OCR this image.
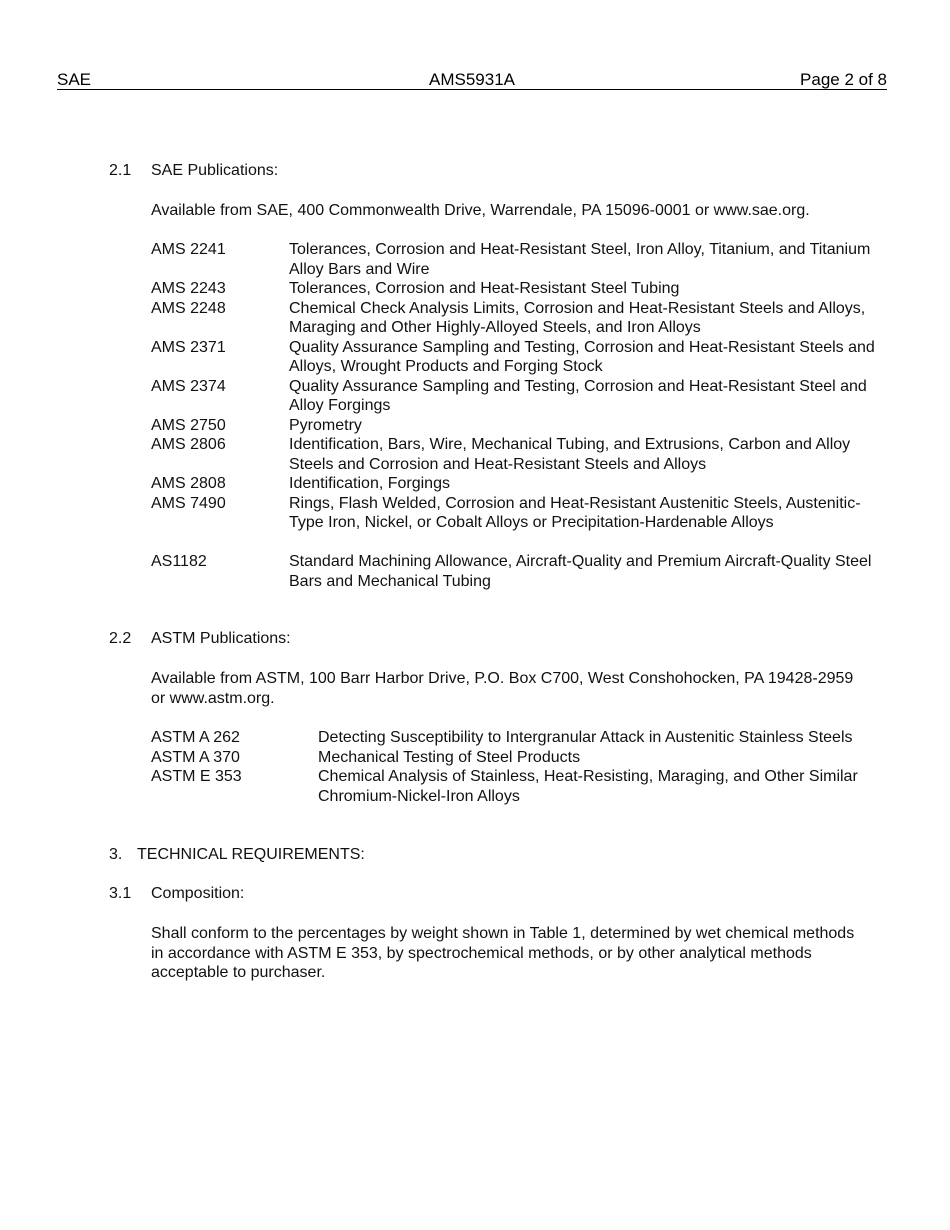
SAE	AMS5931A	Page 2 of 8
2.1 SAE Publications:
Available from SAE, 400 Commonwealth Drive, Warrendale, PA 15096-0001 or www.sae.org.
AMS 2241	Tolerances, Corrosion and Heat-Resistant Steel, Iron Alloy, Titanium, and Titanium Alloy Bars and Wire
AMS 2243	Tolerances, Corrosion and Heat-Resistant Steel Tubing
AMS 2248	Chemical Check Analysis Limits, Corrosion and Heat-Resistant Steels and Alloys, Maraging and Other Highly-Alloyed Steels, and Iron Alloys
AMS 2371	Quality Assurance Sampling and Testing, Corrosion and Heat-Resistant Steels and Alloys, Wrought Products and Forging Stock
AMS 2374	Quality Assurance Sampling and Testing, Corrosion and Heat-Resistant Steel and Alloy Forgings
AMS 2750	Pyrometry
AMS 2806	Identification, Bars, Wire, Mechanical Tubing, and Extrusions, Carbon and Alloy Steels and Corrosion and Heat-Resistant Steels and Alloys
AMS 2808	Identification, Forgings
AMS 7490	Rings, Flash Welded, Corrosion and Heat-Resistant Austenitic Steels, Austenitic-Type Iron, Nickel, or Cobalt Alloys or Precipitation-Hardenable Alloys
AS1182	Standard Machining Allowance, Aircraft-Quality and Premium Aircraft-Quality Steel Bars and Mechanical Tubing
2.2 ASTM Publications:
Available from ASTM, 100 Barr Harbor Drive, P.O. Box C700, West Conshohocken, PA 19428-2959 or www.astm.org.
ASTM A 262	Detecting Susceptibility to Intergranular Attack in Austenitic Stainless Steels
ASTM A 370	Mechanical Testing of Steel Products
ASTM E 353	Chemical Analysis of Stainless, Heat-Resisting, Maraging, and Other Similar Chromium-Nickel-Iron Alloys
3. TECHNICAL REQUIREMENTS:
3.1 Composition:
Shall conform to the percentages by weight shown in Table 1, determined by wet chemical methods in accordance with ASTM E 353, by spectrochemical methods, or by other analytical methods acceptable to purchaser.
